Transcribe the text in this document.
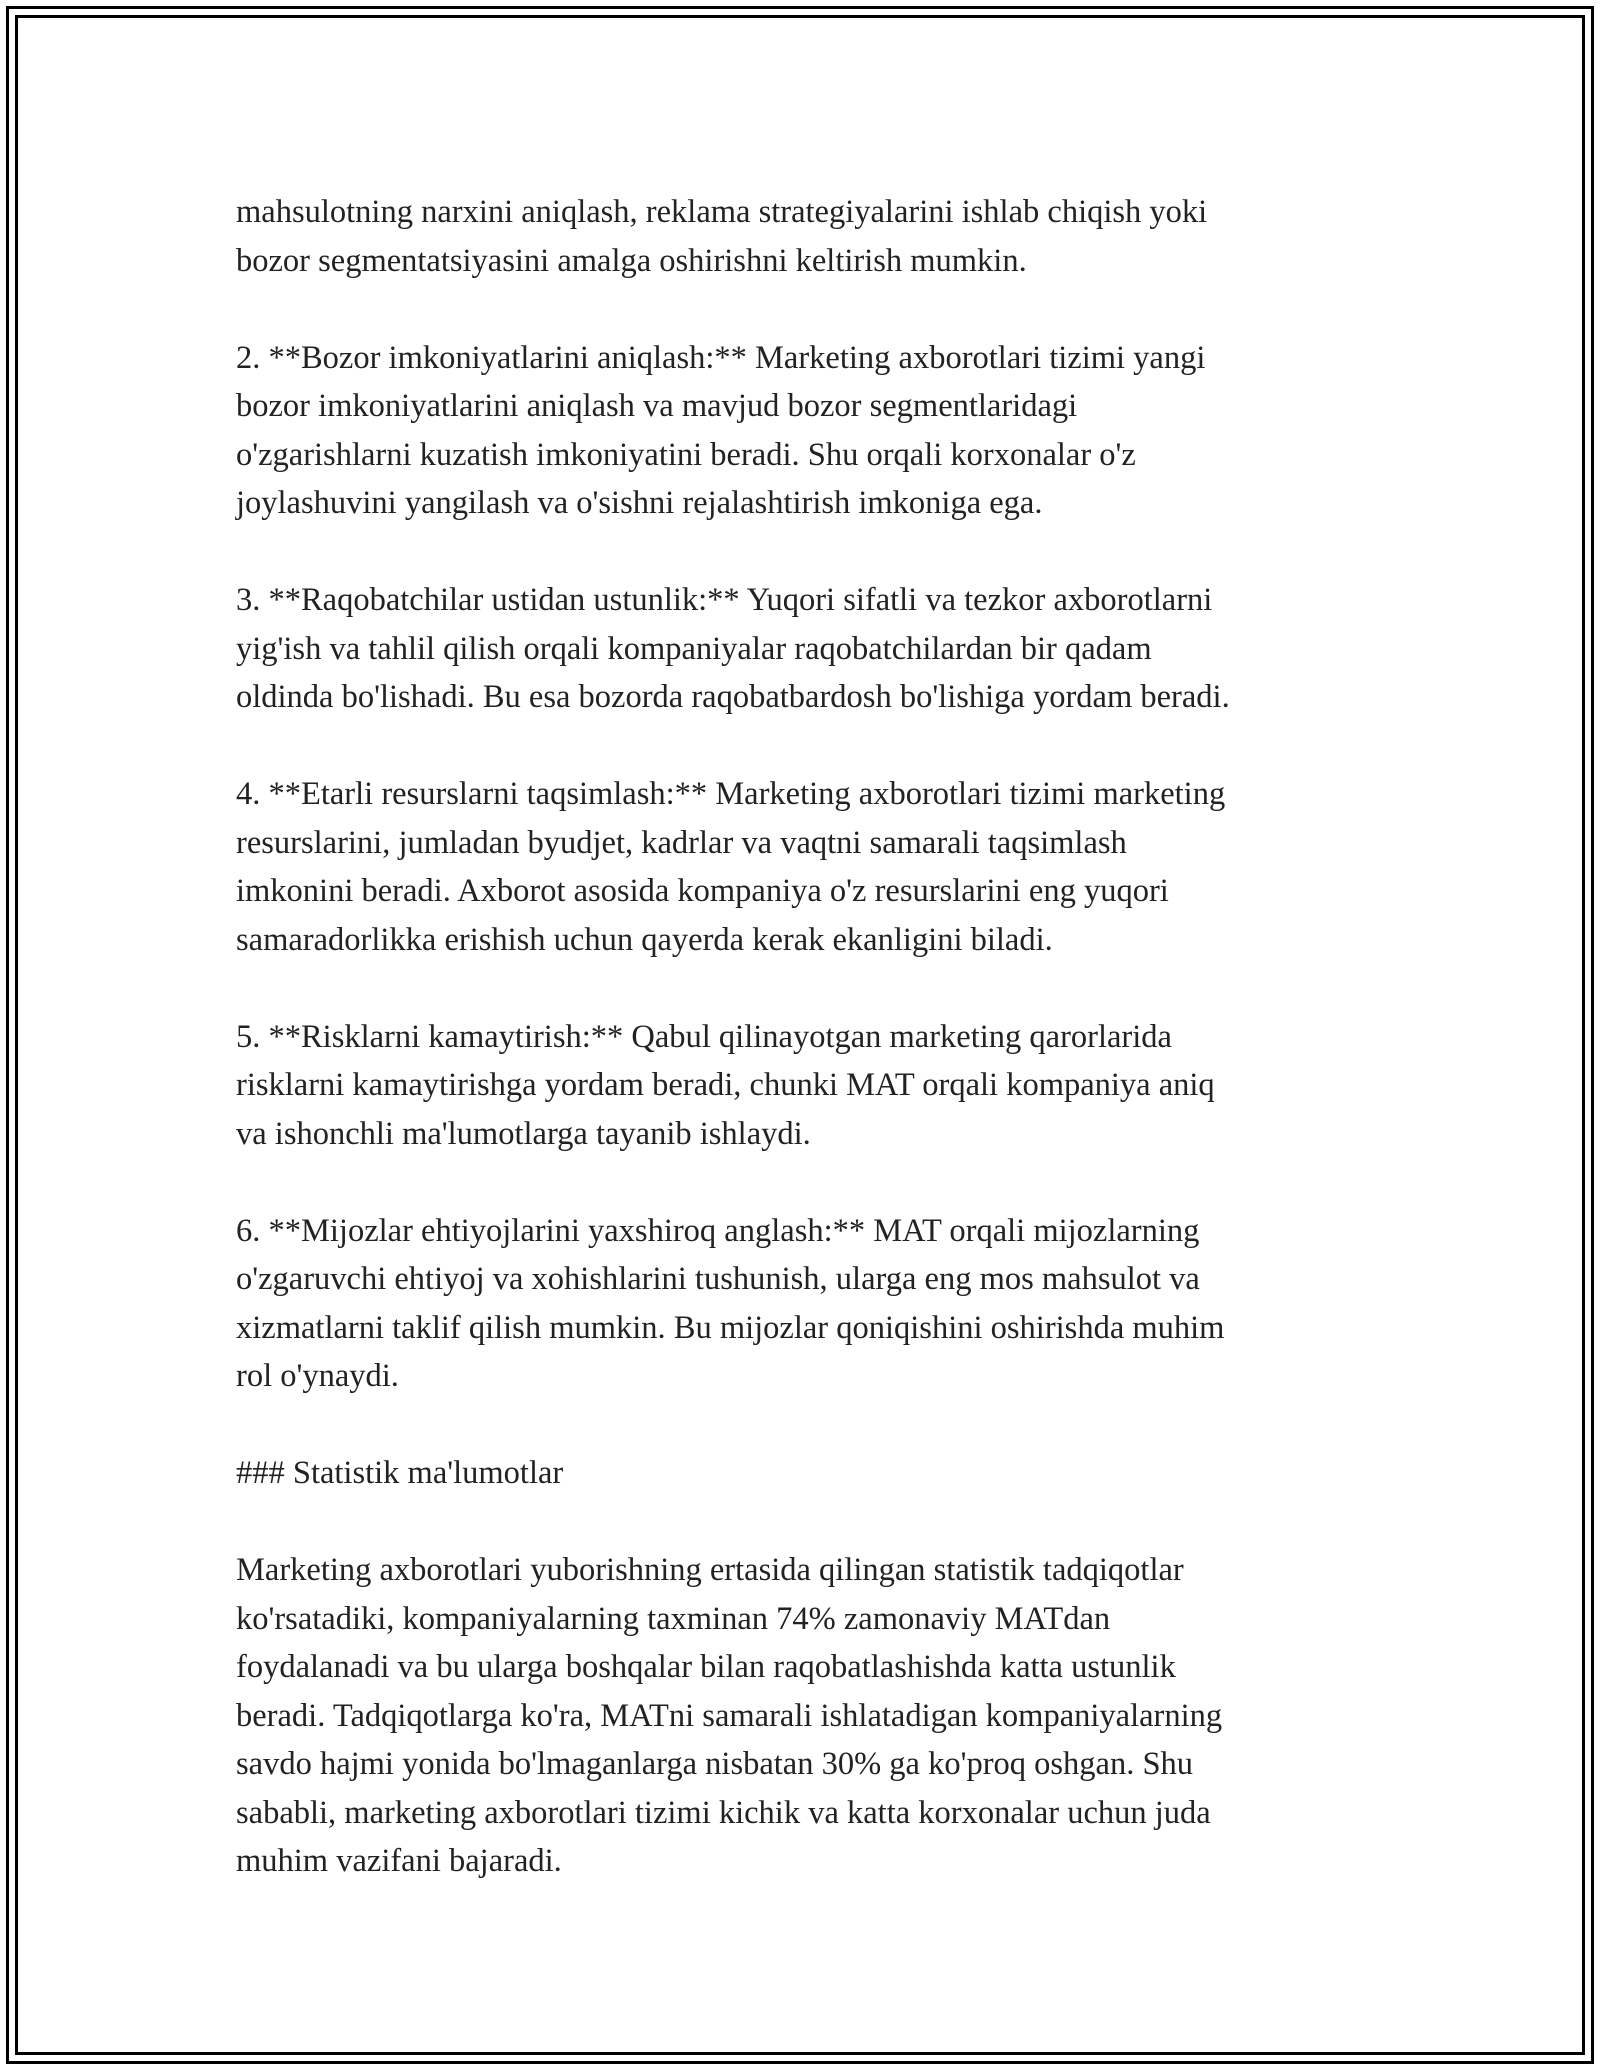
mahsulotning narxini aniqlash, reklama strategiyalarini ishlab chiqish yoki
bozor segmentatsiyasini amalga oshirishni keltirish mumkin.

2. **Bozor imkoniyatlarini aniqlash:** Marketing axborotlari tizimi yangi
bozor imkoniyatlarini aniqlash va mavjud bozor segmentlaridagi
o'zgarishlarni kuzatish imkoniyatini beradi. Shu orqali korxonalar o'z
joylashuvini yangilash va o'sishni rejalashtirish imkoniga ega.

3. **Raqobatchilar ustidan ustunlik:** Yuqori sifatli va tezkor axborotlarni
yig'ish va tahlil qilish orqali kompaniyalar raqobatchilardan bir qadam
oldinda bo'lishadi. Bu esa bozorda raqobatbardosh bo'lishiga yordam beradi.

4. **Etarli resurslarni taqsimlash:** Marketing axborotlari tizimi marketing
resurslarini, jumladan byudjet, kadrlar va vaqtni samarali taqsimlash
imkonini beradi. Axborot asosida kompaniya o'z resurslarini eng yuqori
samaradorlikka erishish uchun qayerda kerak ekanligini biladi.

5. **Risklarni kamaytirish:** Qabul qilinayotgan marketing qarorlarida
risklarni kamaytirishga yordam beradi, chunki MAT orqali kompaniya aniq
va ishonchli ma'lumotlarga tayanib ishlaydi.

6. **Mijozlar ehtiyojlarini yaxshiroq anglash:** MAT orqali mijozlarning
o'zgaruvchi ehtiyoj va xohishlarini tushunish, ularga eng mos mahsulot va
xizmatlarni taklif qilish mumkin. Bu mijozlar qoniqishini oshirishda muhim
rol o'ynaydi.

### Statistik ma'lumotlar

Marketing axborotlari yuborishning ertasida qilingan statistik tadqiqotlar
ko'rsatadiki, kompaniyalarning taxminan 74% zamonaviy MATdan
foydalanadi va bu ularga boshqalar bilan raqobatlashishda katta ustunlik
beradi. Tadqiqotlarga ko'ra, MATni samarali ishlatadigan kompaniyalarning
savdo hajmi yonida bo'lmaganlarga nisbatan 30% ga ko'proq oshgan. Shu
sababli, marketing axborotlari tizimi kichik va katta korxonalar uchun juda
muhim vazifani bajaradi.
